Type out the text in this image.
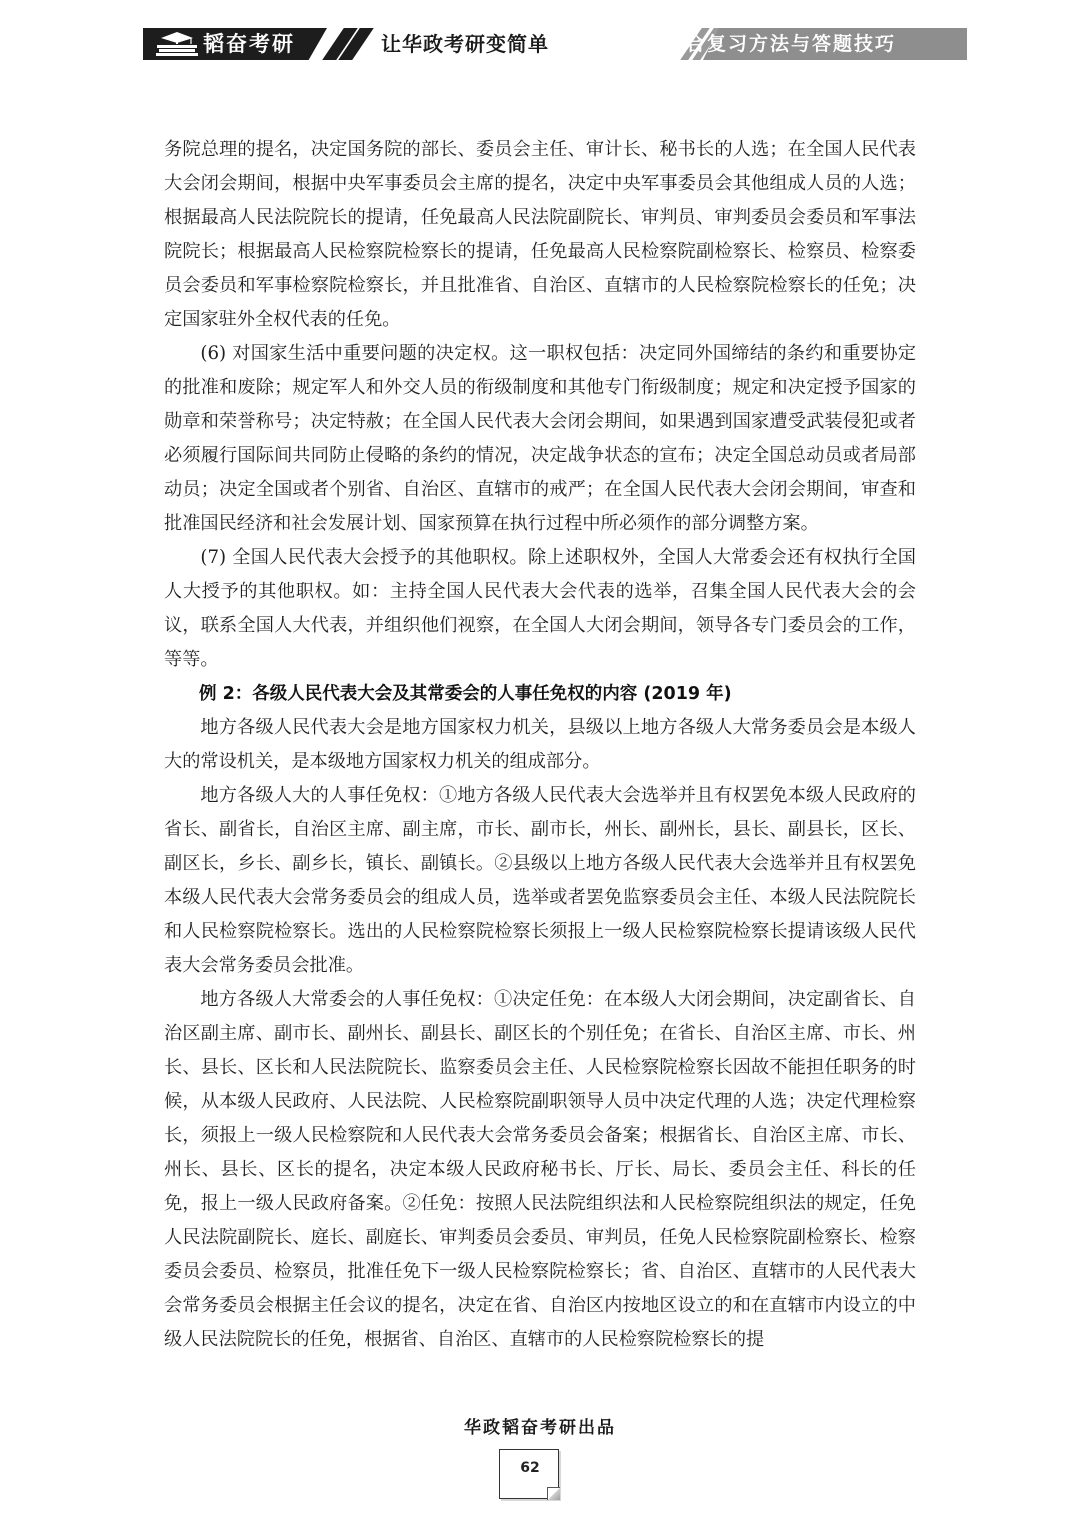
韬奋考研	让华政考研变简单	法学综合复习方法与答题技巧

务院总理的提名，决定国务院的部长、委员会主任、审计长、秘书长的人选；在全国人民代表大会闭会期间，根据中央军事委员会主席的提名，决定中央军事委员会其他组成人员的人选；根据最高人民法院院长的提请，任免最高人民法院副院长、审判员、审判委员会委员和军事法院院长；根据最高人民检察院检察长的提请，任免最高人民检察院副检察长、检察员、检察委员会委员和军事检察院检察长，并且批准省、自治区、直辖市的人民检察院检察长的任免；决定国家驻外全权代表的任免。

(6) 对国家生活中重要问题的决定权。这一职权包括：决定同外国缔结的条约和重要协定的批准和废除；规定军人和外交人员的衔级制度和其他专门衔级制度；规定和决定授予国家的勋章和荣誉称号；决定特赦；在全国人民代表大会闭会期间，如果遇到国家遭受武装侵犯或者必须履行国际间共同防止侵略的条约的情况，决定战争状态的宣布；决定全国总动员或者局部动员；决定全国或者个别省、自治区、直辖市的戒严；在全国人民代表大会闭会期间，审查和批准国民经济和社会发展计划、国家预算在执行过程中所必须作的部分调整方案。

(7) 全国人民代表大会授予的其他职权。除上述职权外，全国人大常委会还有权执行全国人大授予的其他职权。如：主持全国人民代表大会代表的选举，召集全国人民代表大会的会议，联系全国人大代表，并组织他们视察，在全国人大闭会期间，领导各专门委员会的工作，等等。

例 2：各级人民代表大会及其常委会的人事任免权的内容 (2019 年)

地方各级人民代表大会是地方国家权力机关，县级以上地方各级人大常务委员会是本级人大的常设机关，是本级地方国家权力机关的组成部分。

地方各级人大的人事任免权：①地方各级人民代表大会选举并且有权罢免本级人民政府的省长、副省长，自治区主席、副主席，市长、副市长，州长、副州长，县长、副县长，区长、副区长，乡长、副乡长，镇长、副镇长。②县级以上地方各级人民代表大会选举并且有权罢免本级人民代表大会常务委员会的组成人员，选举或者罢免监察委员会主任、本级人民法院院长和人民检察院检察长。选出的人民检察院检察长须报上一级人民检察院检察长提请该级人民代表大会常务委员会批准。

地方各级人大常委会的人事任免权：①决定任免：在本级人大闭会期间，决定副省长、自治区副主席、副市长、副州长、副县长、副区长的个别任免；在省长、自治区主席、市长、州长、县长、区长和人民法院院长、监察委员会主任、人民检察院检察长因故不能担任职务的时候，从本级人民政府、人民法院、人民检察院副职领导人员中决定代理的人选；决定代理检察长，须报上一级人民检察院和人民代表大会常务委员会备案；根据省长、自治区主席、市长、州长、县长、区长的提名，决定本级人民政府秘书长、厅长、局长、委员会主任、科长的任免，报上一级人民政府备案。②任免：按照人民法院组织法和人民检察院组织法的规定，任免人民法院副院长、庭长、副庭长、审判委员会委员、审判员，任免人民检察院副检察长、检察委员会委员、检察员，批准任免下一级人民检察院检察长；省、自治区、直辖市的人民代表大会常务委员会根据主任会议的提名，决定在省、自治区内按地区设立的和在直辖市内设立的中级人民法院院长的任免，根据省、自治区、直辖市的人民检察院检察长的提

华政韬奋考研出品
62
